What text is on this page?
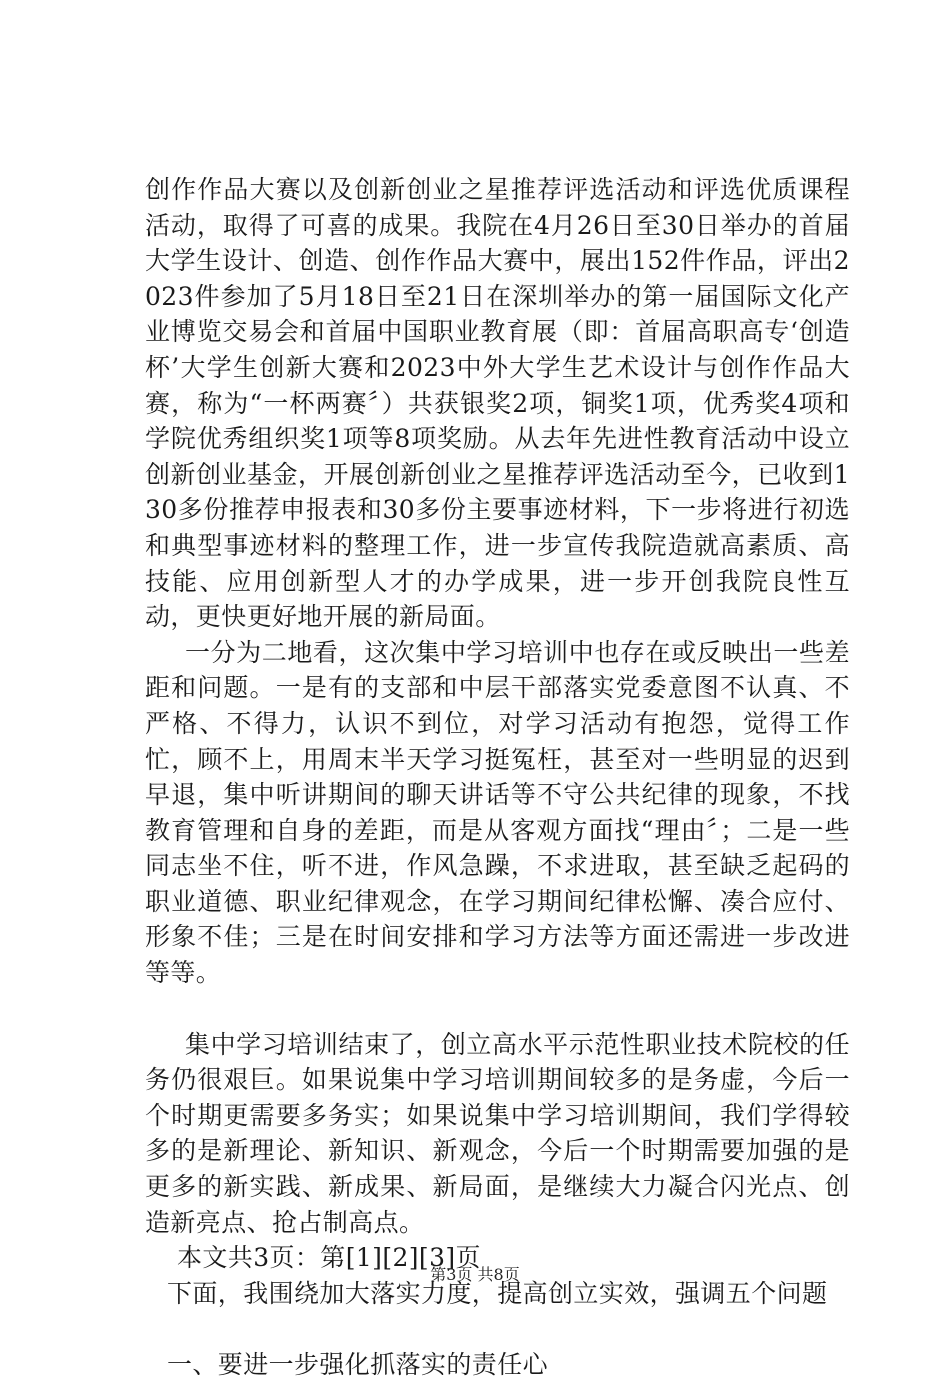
创作作品大赛以及创新创业之星推荐评选活动和评选优质课程活动，取得了可喜的成果。我院在4月26日至30日举办的首届大学生设计、创造、创作作品大赛中，展出152件作品，评出2023件参加了5月18日至21日在深圳举办的第一届国际文化产业博览交易会和首届中国职业教育展（即：首届高职高专‘创造杯’大学生创新大赛和2023中外大学生艺术设计与创作作品大赛，称为“一杯两赛〞）共获银奖2项，铜奖1项，优秀奖4项和学院优秀组织奖1项等8项奖励。从去年先进性教育活动中设立创新创业基金，开展创新创业之星推荐评选活动至今，已收到130多份推荐申报表和30多份主要事迹材料，下一步将进行初选和典型事迹材料的整理工作，进一步宣传我院造就高素质、高技能、应用创新型人才的办学成果，进一步开创我院良性互动，更快更好地开展的新局面。

一分为二地看，这次集中学习培训中也存在或反映出一些差距和问题。一是有的支部和中层干部落实党委意图不认真、不严格、不得力，认识不到位，对学习活动有抱怨，觉得工作忙，顾不上，用周末半天学习挺冤枉，甚至对一些明显的迟到早退，集中听讲期间的聊天讲话等不守公共纪律的现象，不找教育管理和自身的差距，而是从客观方面找“理由〞；二是一些同志坐不住，听不进，作风急躁，不求进取，甚至缺乏起码的职业道德、职业纪律观念，在学习期间纪律松懈、凑合应付、形象不佳；三是在时间安排和学习方法等方面还需进一步改进等等。

集中学习培训结束了，创立高水平示范性职业技术院校的任务仍很艰巨。如果说集中学习培训期间较多的是务虚，今后一个时期更需要多务实；如果说集中学习培训期间，我们学得较多的是新理论、新知识、新观念，今后一个时期需要加强的是更多的新实践、新成果、新局面，是继续大力凝合闪光点、创造新亮点、抢占制高点。

本文共3页：第[1][2][3]页

下面，我围绕加大落实力度，提高创立实效，强调五个问题

一、要进一步强化抓落实的责任心

第3页 共8页
